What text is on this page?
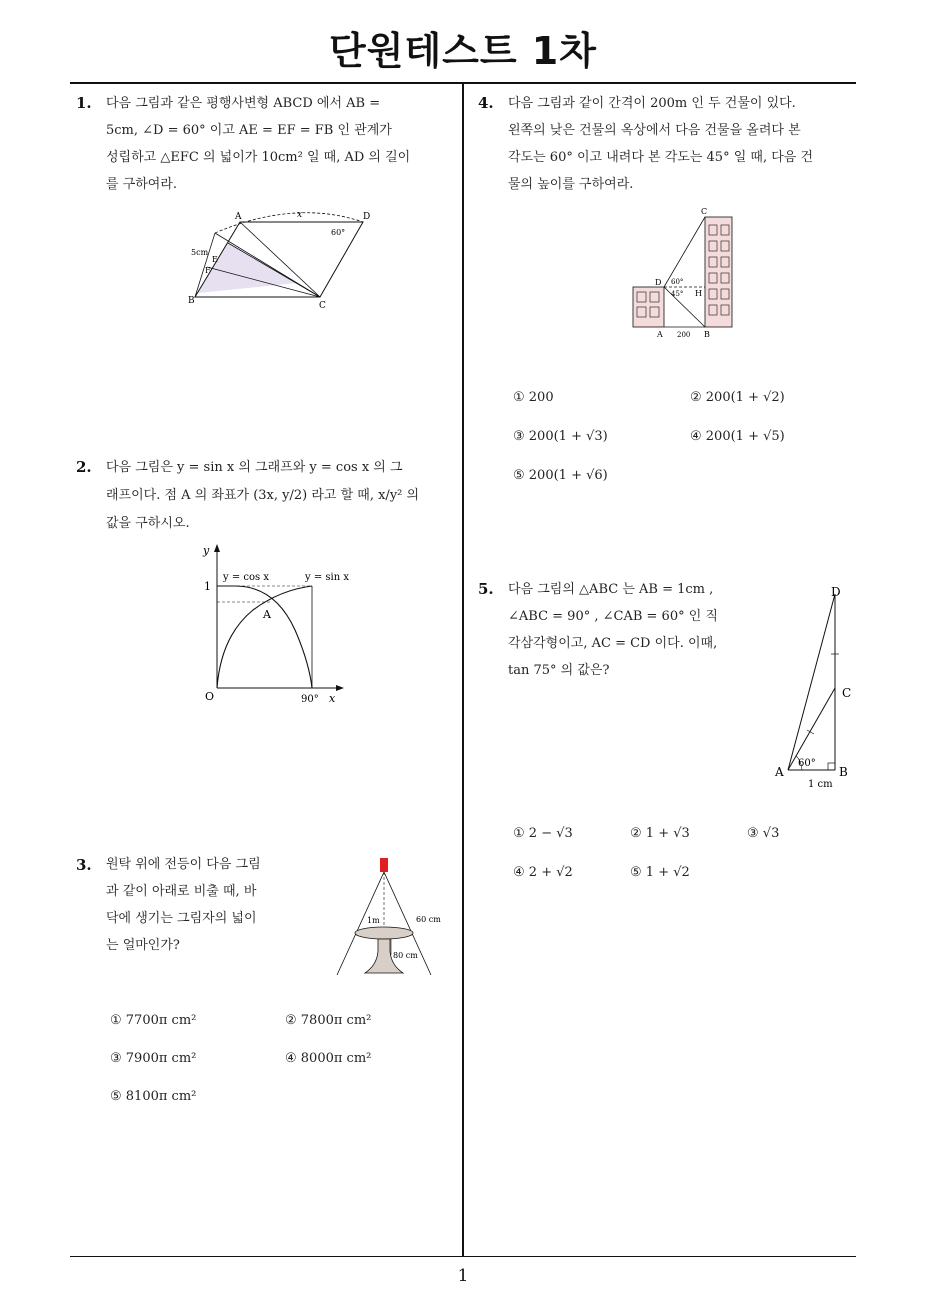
단원테스트 1차
1. 다음 그림과 같은 평행사변형 ABCD 에서 AB =
5cm, ∠D = 60° 이고 AE = EF = FB 인 관계가
성립하고 △EFC 의 넓이가 10cm² 일 때, AD 의 길이
를 구하여라.
A	x	D
60°
5cm
E
F
B	C
2. 다음 그림은 y = sin x 의 그래프와 y = cos x 의 그
래프이다. 점 A 의 좌표가 (3x, y/2) 라고 할 때, x/y² 의
값을 구하시오.
y
1
y = cos x	y = sin x
A
O	90° x
3. 원탁 위에 전등이 다음 그림
과 같이 아래로 비출 때, 바
닥에 생기는 그림자의 넓이
는 얼마인가?
1m	60 cm
80 cm
① 7700π cm²	② 7800π cm²
③ 7900π cm²	④ 8000π cm²
⑤ 8100π cm²
4. 다음 그림과 같이 간격이 200m 인 두 건물이 있다.
왼쪽의 낮은 건물의 옥상에서 다음 건물을 올려다 본
각도는 60° 이고 내려다 본 각도는 45° 일 때, 다음 건
물의 높이를 구하여라.
C
D 60°
45° H
A 200 B
① 200	② 200(1 + √2)
③ 200(1 + √3)	④ 200(1 + √5)
⑤ 200(1 + √6)
5. 다음 그림의 △ABC 는 AB = 1cm ,
∠ABC = 90° , ∠CAB = 60° 인 직
각삼각형이고, AC = CD 이다. 이때,
tan 75° 의 값은?
D
C
A
60°
B
1 cm
① 2 − √3	② 1 + √3	③ √3
④ 2 + √2	⑤ 1 + √2
1
